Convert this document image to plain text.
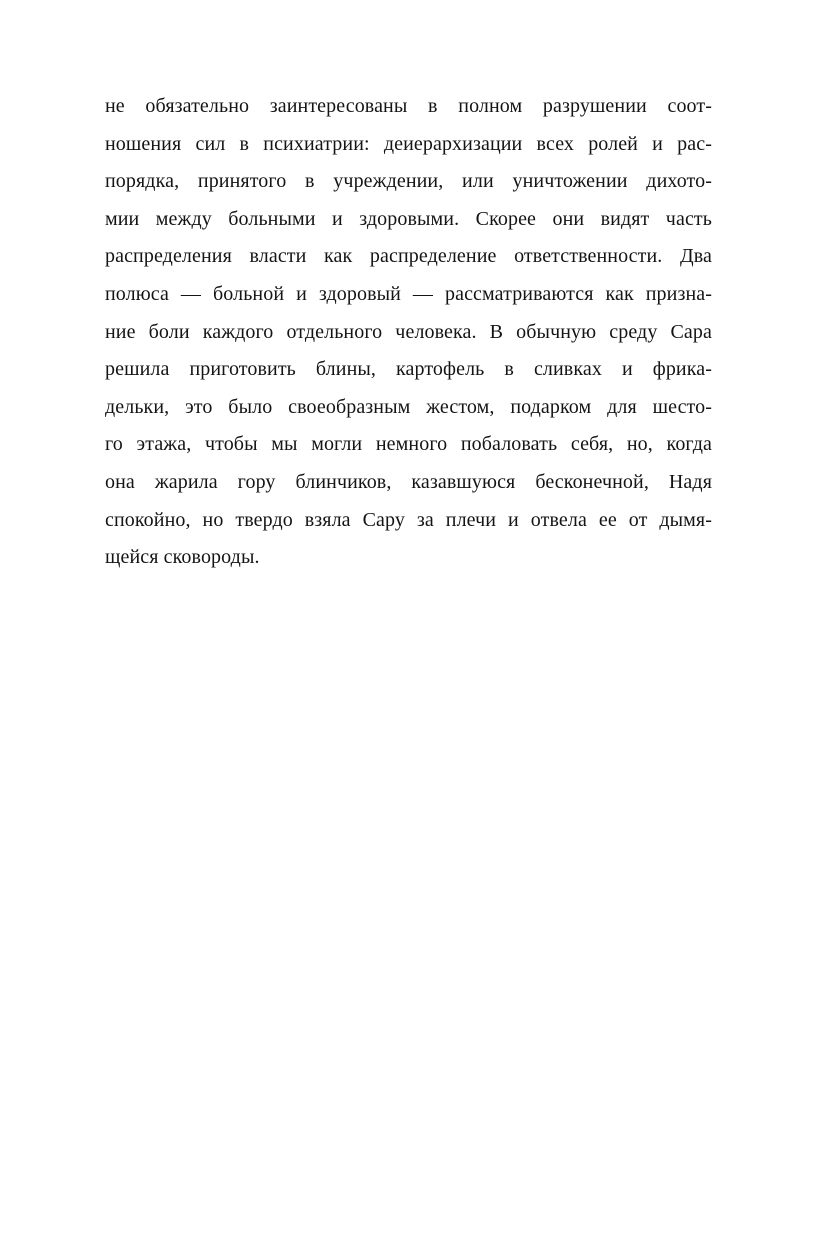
не обязательно заинтересованы в полном разрушении соот-
ношения сил в психиатрии: деиерархизации всех ролей и рас-
порядка, принятого в учреждении, или уничтожении дихото-
мии между больными и здоровыми. Скорее они видят часть
распределения власти как распределение ответственности. Два
полюса — больной и здоровый — рассматриваются как призна-
ние боли каждого отдельного человека. В обычную среду Сара
решила приготовить блины, картофель в сливках и фрика-
дельки, это было своеобразным жестом, подарком для шесто-
го этажа, чтобы мы могли немного побаловать себя, но, когда
она жарила гору блинчиков, казавшуюся бесконечной, Надя
спокойно, но твердо взяла Сару за плечи и отвела ее от дымя-
щейся сковороды.
